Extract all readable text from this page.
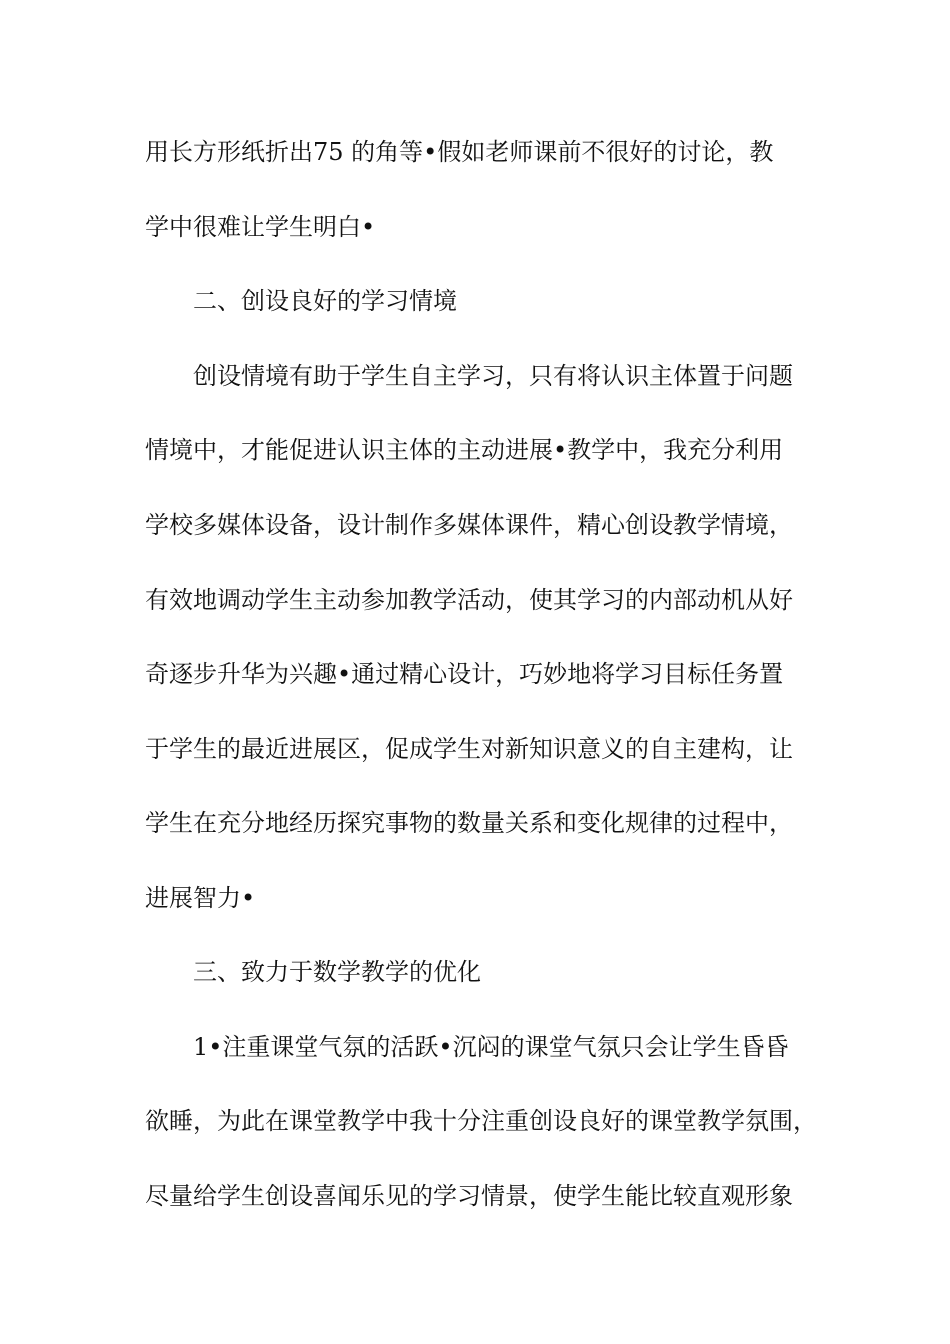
用长方形纸折出75 的角等•假如老师课前不很好的讨论，教
学中很难让学生明白•
二、创设良好的学习情境
创设情境有助于学生自主学习，只有将认识主体置于问题
情境中，才能促进认识主体的主动进展•教学中，我充分利用
学校多媒体设备，设计制作多媒体课件，精心创设教学情境，
有效地调动学生主动参加教学活动，使其学习的内部动机从好
奇逐步升华为兴趣•通过精心设计，巧妙地将学习目标任务置
于学生的最近进展区，促成学生对新知识意义的自主建构，让
学生在充分地经历探究事物的数量关系和变化规律的过程中，
进展智力•
三、致力于数学教学的优化
1•注重课堂气氛的活跃•沉闷的课堂气氛只会让学生昏昏
欲睡，为此在课堂教学中我十分注重创设良好的课堂教学氛围，
尽量给学生创设喜闻乐见的学习情景，使学生能比较直观形象
